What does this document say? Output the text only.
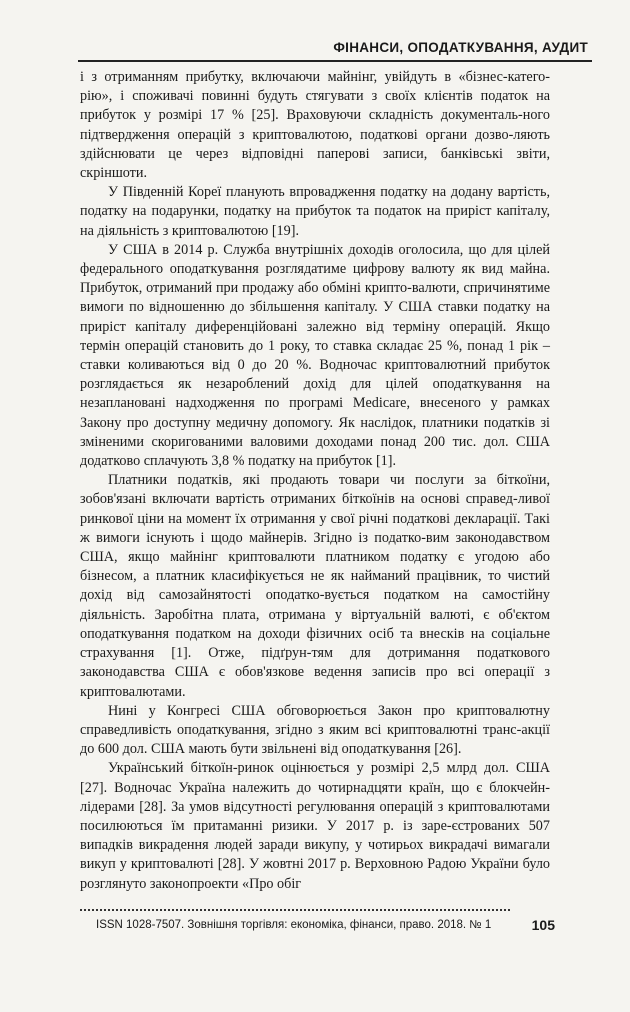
ФІНАНСИ, ОПОДАТКУВАННЯ, АУДИТ

і з отриманням прибутку, включаючи майнінг, увійдуть в «бізнес-катего-рію», і споживачі повинні будуть стягувати з своїх клієнтів податок на прибуток у розмірі 17 % [25]. Враховуючи складність документаль-ного підтвердження операцій з криптовалютою, податкові органи дозво-ляють здійснювати це через відповідні паперові записи, банківські звіти, скріншоти.

У Південній Кореї планують впровадження податку на додану вартість, податку на подарунки, податку на прибуток та податок на приріст капіталу, на діяльність з криптовалютою [19].

У США в 2014 р. Служба внутрішніх доходів оголосила, що для цілей федерального оподаткування розглядатиме цифрову валюту як вид майна. Прибуток, отриманий при продажу або обміні крипто-валюти, спричинятиме вимоги по відношенню до збільшення капіталу. У США ставки податку на приріст капіталу диференційовані залежно від терміну операцій. Якщо термін операцій становить до 1 року, то ставка складає 25 %, понад 1 рік – ставки коливаються від 0 до 20 %. Водночас криптовалютний прибуток розглядається як незароблений дохід для цілей оподаткування на незапланованi надходження по програмі Medicare, внесеного у рамках Закону про доступну медичну допомогу. Як наслідок, платники податків зі зміненими скоригованими валовими доходами понад 200 тис. дол. США додатково сплачують 3,8 % податку на прибуток [1].

Платники податків, які продають товари чи послуги за біткоїни, зобов'язані включати вартість отриманих біткоїнів на основі справед-ливої ринкової ціни на момент їх отримання у свої річні податкові декларації. Такі ж вимоги існують і щодо майнерів. Згідно із податко-вим законодавством США, якщо майнінг криптовалюти платником податку є угодою або бізнесом, а платник класифікується не як найманий працівник, то чистий дохід від самозайнятості оподатко-вується податком на самостійну діяльність. Заробітна плата, отримана у віртуальній валюті, є об'єктом оподаткування податком на доходи фізичних осіб та внесків на соціальне страхування [1]. Отже, підґрун-тям для дотримання податкового законодавства США є обов'язкове ведення записів про всі операції з криптовалютами.

Нині у Конгресі США обговорюється Закон про криптовалютну справедливість оподаткування, згідно з яким всі криптовалютні транс-акції до 600 дол. США мають бути звільнені від оподаткування [26].

Український біткоїн-ринок оцінюється у розмірі 2,5 млрд дол. США [27]. Водночас Україна належить до чотирнадцяти країн, що є блокчейн-лідерами [28]. За умов відсутності регулювання операцій з криптовалютами посилюються їм притаманні ризики. У 2017 р. із заре-єстрованих 507 випадків викрадення людей заради викупу, у чотирьох викрадачі вимагали викуп у криптовалюті [28]. У жовтні 2017 р. Верховною Радою України було розглянуто законопроекти «Про обіг

ISSN 1028-7507. Зовнішня торгівля: економіка, фінанси, право. 2018. № 1	105
